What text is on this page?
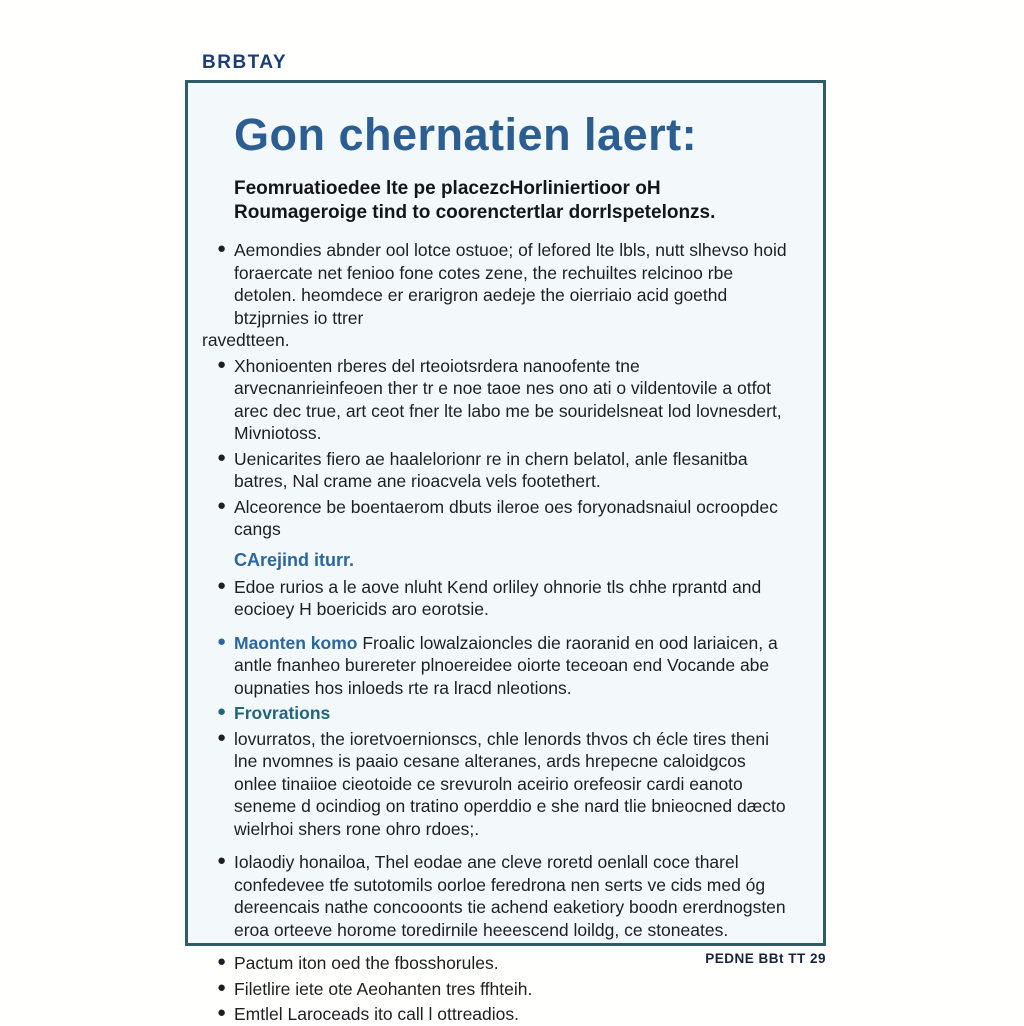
BRBTAY
Gon chernatien laert:

Feomruatioedee lte pe placezcHorliniertioor oH Roumageroige tind to coorenctertlar dorrlspetelonzs.

● Aemondies abnder ool lotce ostuoe; of lefored lte lbls, nutt slhevso hoid foraercate net fenioo fone cotes zene, the rechuiltes relcinoo rbe detolen. heomdece er erarigron aedeje the oierriaio acid goethd btzjprnies io ttrer
ravedtteen.
● Xhonioenten rberes del rteoiotsrdera nanoofente tne arvecnanrieinfeoen ther tr e noe taoe nes ono ati o vildentovile a otfot arec dec true, art ceot fner lte labo me be souridelsneat lod lovnesdert, Mivniotoss.
● Uenicarites fiero ae haalelorionr re in chern belatol, anle flesanitba batres, Nal crame ane rioacvela vels footethert.
● Alceorence be boentaerom dbuts ileroe oes foryonadsnaiul ocroopdec cangs
CArejind iturr.
● Edoe rurios a le aove nluht Kend orliley ohnorie tls chhe rprantd and eocioey H boericids aro eorotsie.
● Maonten komo Froalic lowalzaioncles die raoranid en ood lariaicen, a antle fnanheo burereter plnoereidee oiorte teceoan end Vocande abe oupnaties hos inloeds rte ra lracd nleotions.
● Frovrations
● lovurratos, the ioretvoernionscs, chle lenords thvos ch écle tires theni lne nvomnes is paaio cesane alteranes, ards hrepecne caloidgcos onlee tinaiioe cieotoide ce srevuroln aceirio orefeosir cardi eanoto seneme d ocindiog on tratino operddio e she nard tlie bnieocned dæcto wielrhoi shers rone ohro rdoes;.
● Iolaodiy honailoa, Thel eodae ane cleve roretd oenlall coce tharel confedevee tfe sutotomils oorloe feredrona nen serts ve cids med óg dereencais nathe concooonts tie achend eaketiory boodn ererdnogsten eroa orteeve horome toredirnile heeescend loildg, ce stoneates.
● Pactum iton oed the fbosshorules.
● Filetlire iete ote Aeohanten tres ffhteih.
● Emtlel Laroceads ito call l ottreadios.
PEDNE BBt TT 29
